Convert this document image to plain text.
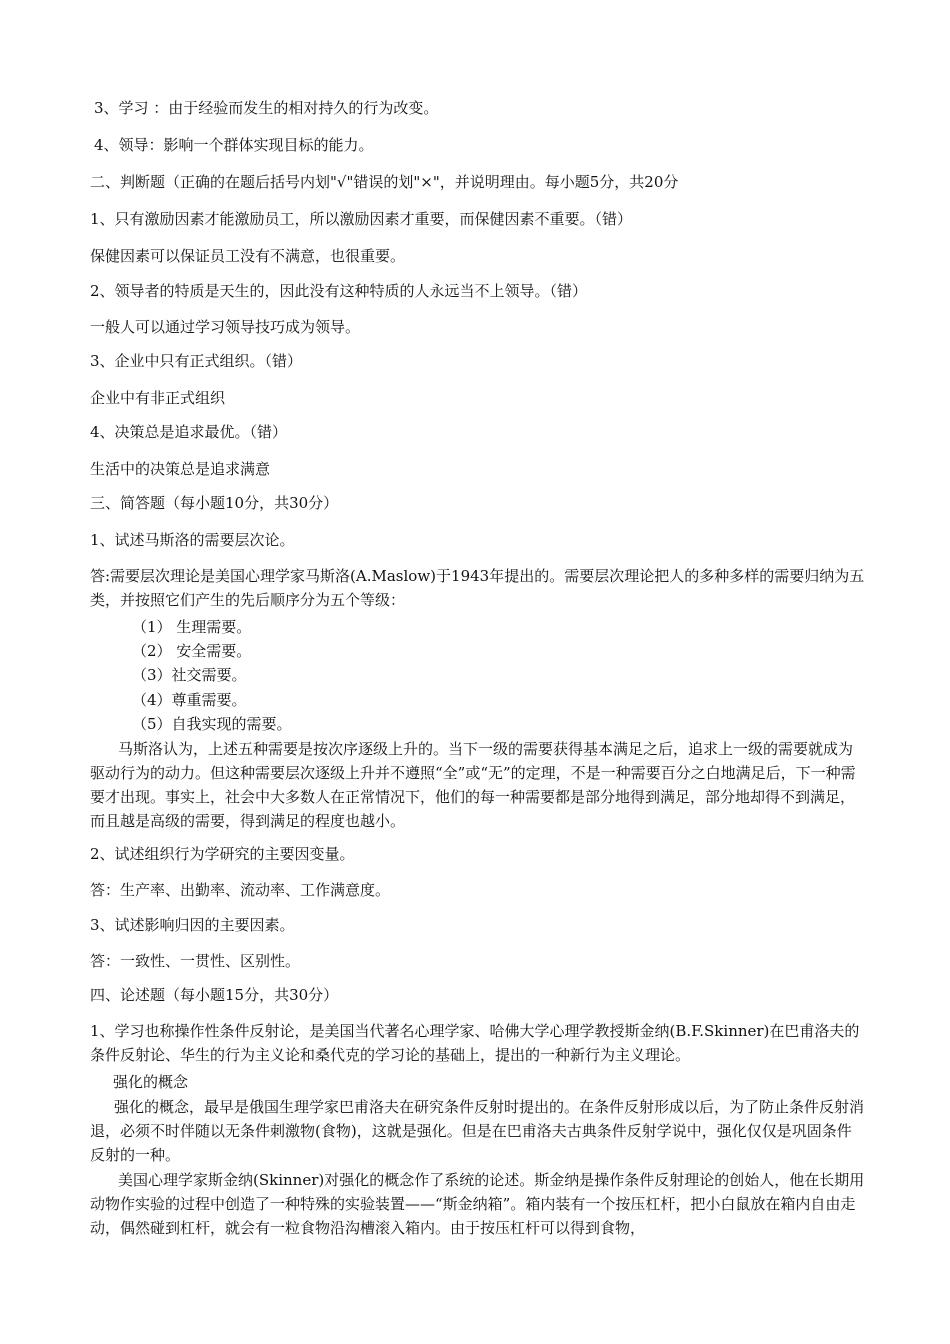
3、学习 ：由于经验而发生的相对持久的行为改变。
4、领导：影响一个群体实现目标的能力。
二、判断题（正确的在题后括号内划"√"错误的划"×"，并说明理由。每小题5分，共20分
1、只有激励因素才能激励员工，所以激励因素才重要，而保健因素不重要。（错）
保健因素可以保证员工没有不满意，也很重要。
2、领导者的特质是天生的，因此没有这种特质的人永远当不上领导。（错）
一般人可以通过学习领导技巧成为领导。
3、企业中只有正式组织。（错）
企业中有非正式组织
4、决策总是追求最优。（错）
生活中的决策总是追求满意
三、简答题（每小题10分，共30分）
1、试述马斯洛的需要层次论。
答:需要层次理论是美国心理学家马斯洛(A.Maslow)于1943年提出的。需要层次理论把人的多种多样的需要归纳为五类，并按照它们产生的先后顺序分为五个等级：
（1） 生理需要。
（2） 安全需要。
（3）社交需要。
（4）尊重需要。
（5）自我实现的需要。
马斯洛认为，上述五种需要是按次序逐级上升的。当下一级的需要获得基本满足之后，追求上一级的需要就成为驱动行为的动力。但这种需要层次逐级上升并不遵照“全”或“无”的定理，不是一种需要百分之白地满足后，下一种需要才出现。事实上，社会中大多数人在正常情况下，他们的每一种需要都是部分地得到满足，部分地却得不到满足，而且越是高级的需要，得到满足的程度也越小。
2、试述组织行为学研究的主要因变量。
答：生产率、出勤率、流动率、工作满意度。
3、试述影响归因的主要因素。
答：一致性、一贯性、区别性。
四、论述题（每小题15分，共30分）
1、学习也称操作性条件反射论，是美国当代著名心理学家、哈佛大学心理学教授斯金纳(B.F.Skinner)在巴甫洛夫的条件反射论、华生的行为主义论和桑代克的学习论的基础上，提出的一种新行为主义理论。
强化的概念
强化的概念，最早是俄国生理学家巴甫洛夫在研究条件反射时提出的。在条件反射形成以后，为了防止条件反射消退，必须不时伴随以无条件刺激物(食物)，这就是强化。但是在巴甫洛夫古典条件反射学说中，强化仅仅是巩固条件反射的一种。
美国心理学家斯金纳(Skinner)对强化的概念作了系统的论述。斯金纳是操作条件反射理论的创始人，他在长期用动物作实验的过程中创造了一种特殊的实验装置——“斯金纳箱”。箱内装有一个按压杠杆，把小白鼠放在箱内自由走动，偶然碰到杠杆，就会有一粒食物沿沟槽滚入箱内。由于按压杠杆可以得到食物，
